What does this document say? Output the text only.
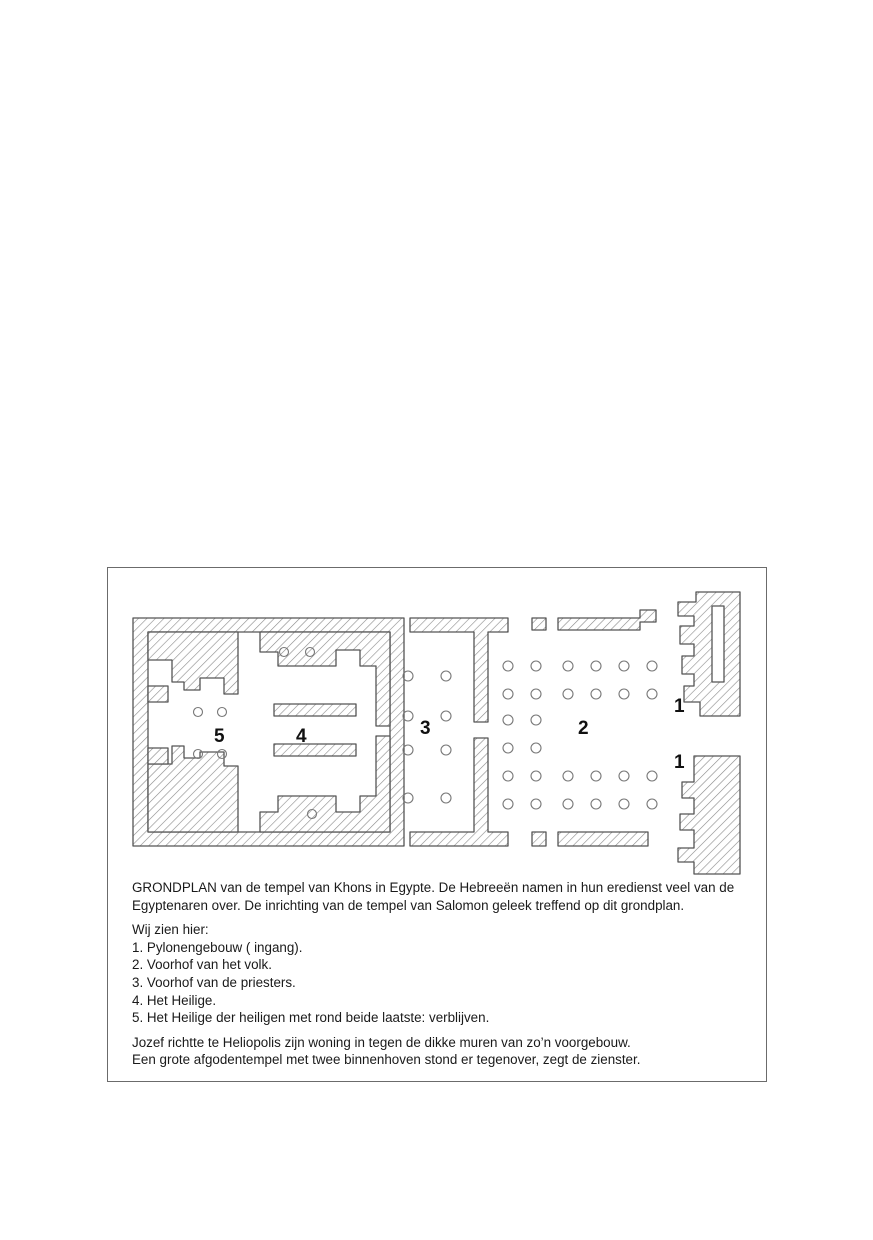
1
1
2
3
4
5

GRONDPLAN van de tempel van Khons in Egypte. De Hebreeën namen in hun eredienst veel van de

Egyptenaren over. De inrichting van de tempel van Salomon geleek treffend op dit grondplan.

Wij zien hier:

1. Pylonengebouw ( ingang).
2. Voorhof van het volk.
3. Voorhof van de priesters.
4. Het Heilige.
5. Het Heilige der heiligen met rond beide laatste: verblijven.

Jozef richtte te Heliopolis zijn woning in tegen de dikke muren van zo’n voorgebouw.

Een grote afgodentempel met twee binnenhoven stond er tegenover, zegt de zienster.
